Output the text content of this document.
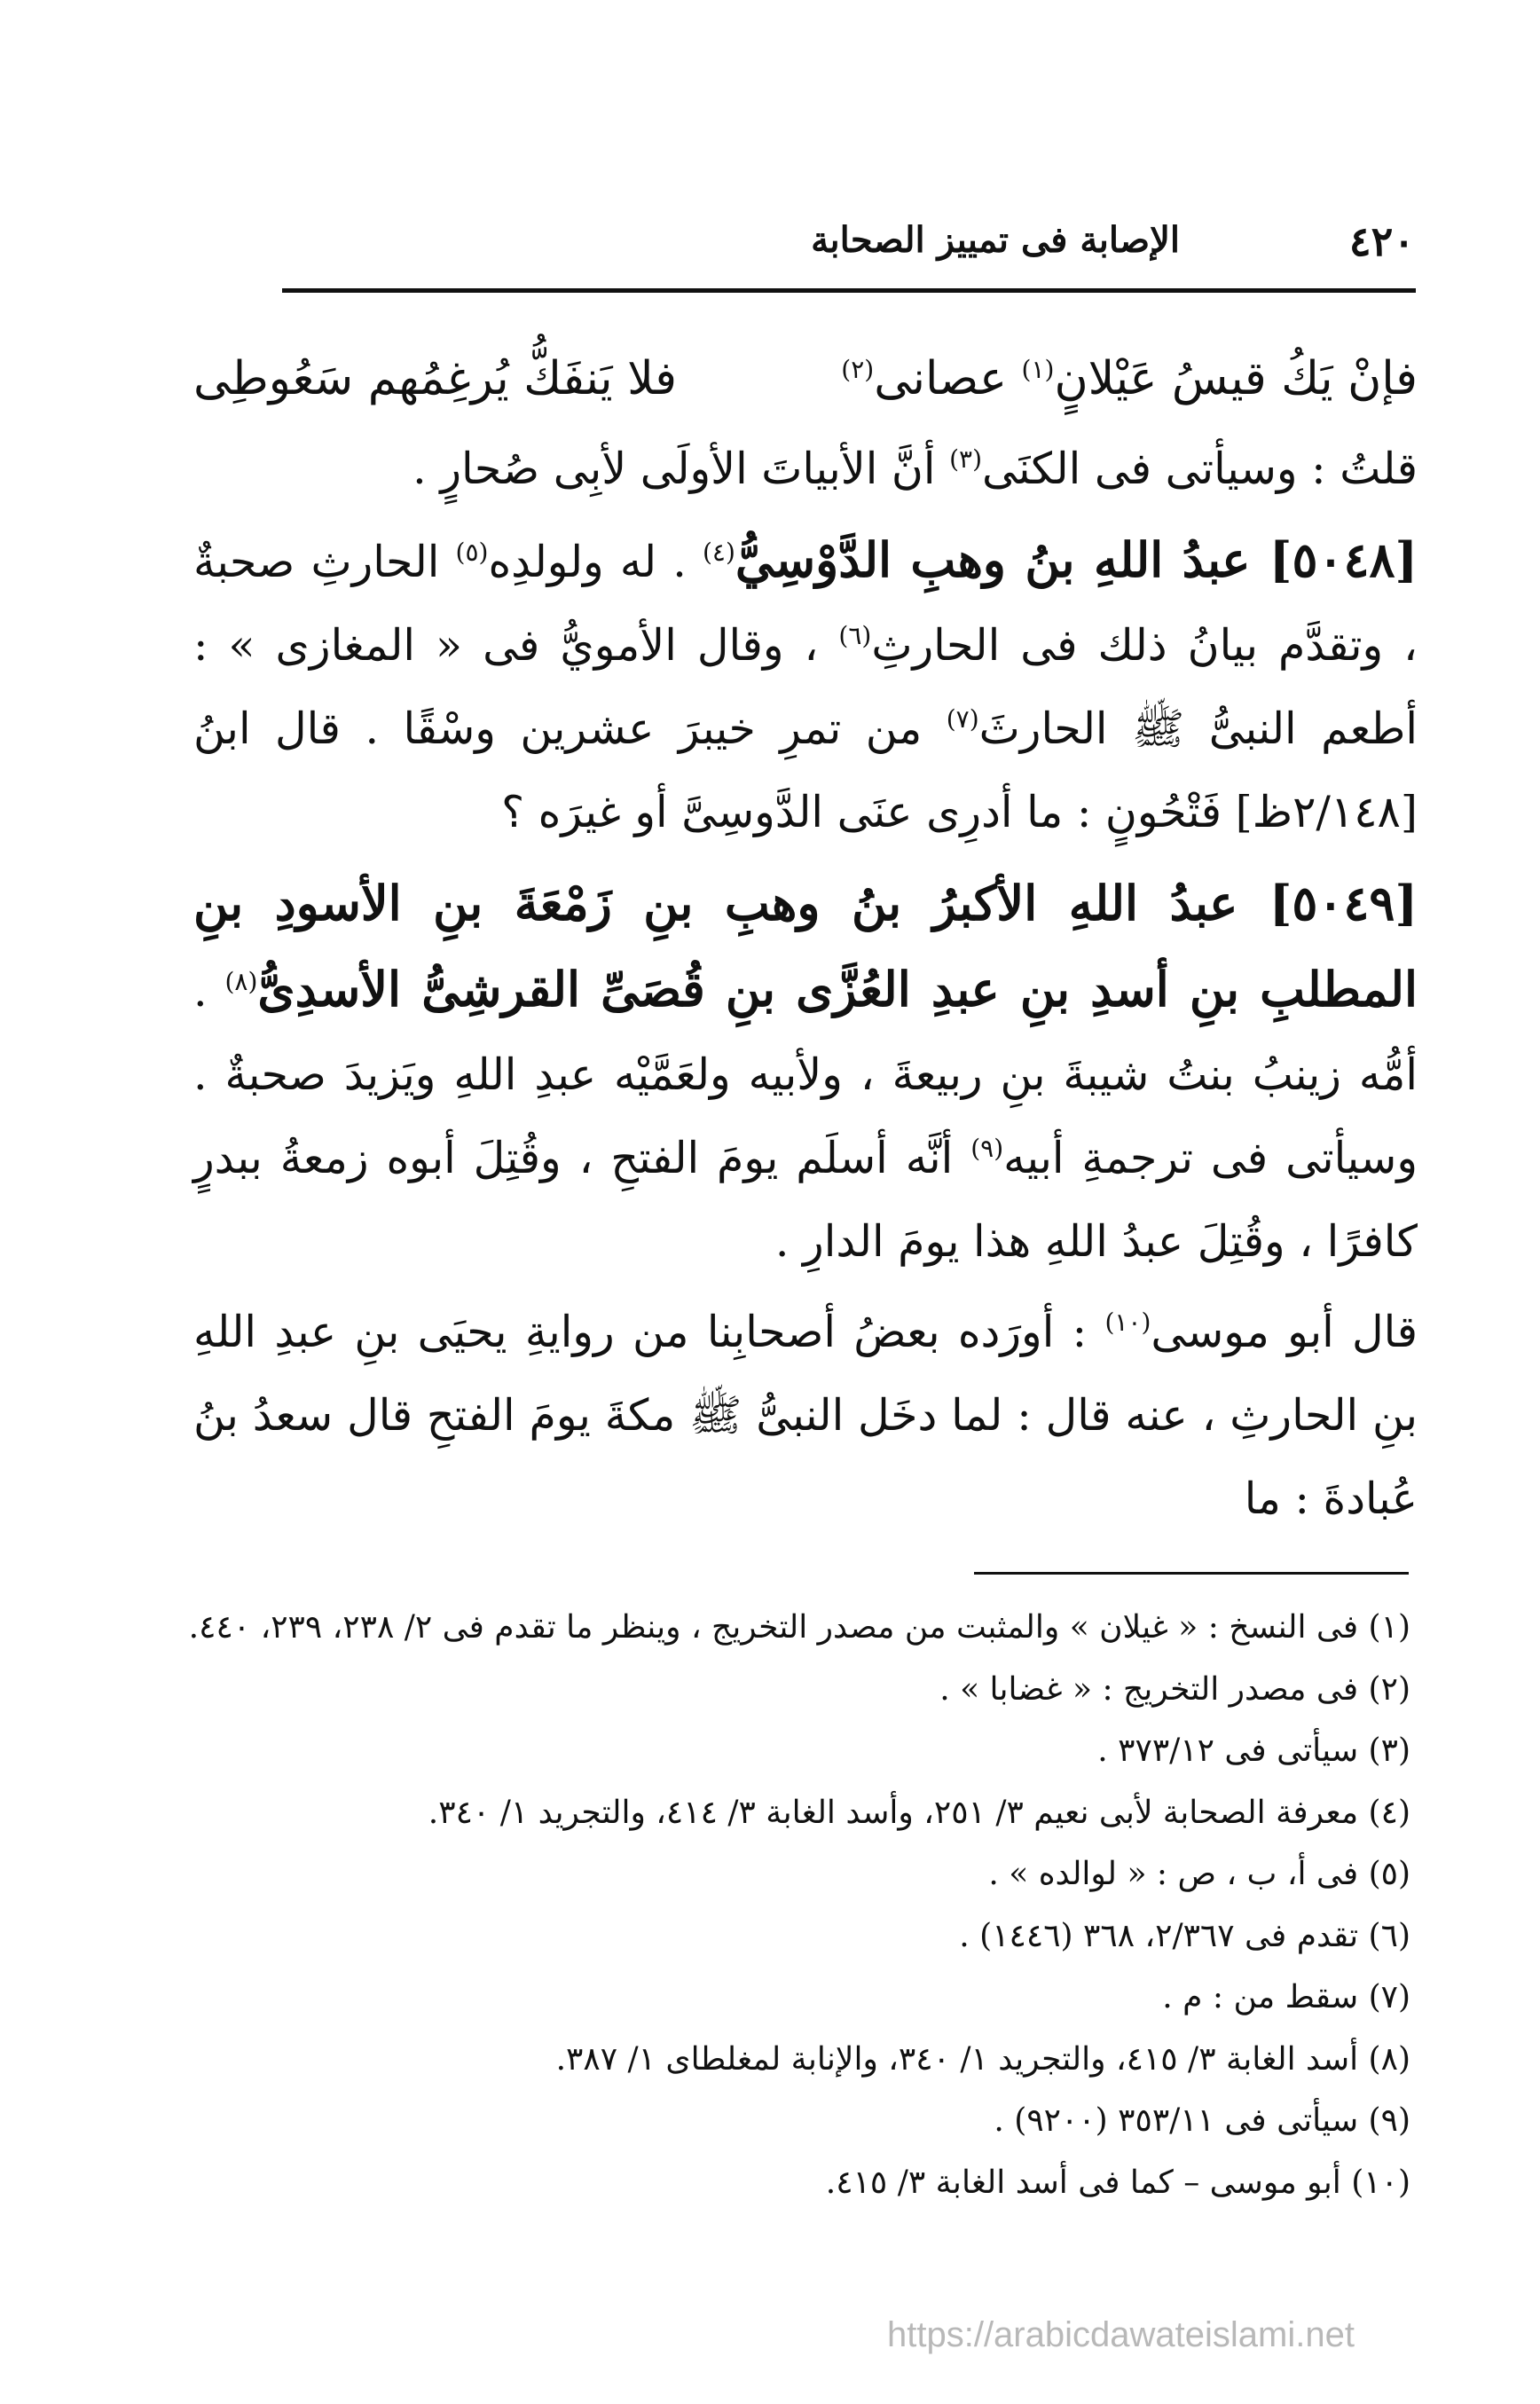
٤٢٠
الإصابة فى تمييز الصحابة
فإنْ يَكُ قيسُ عَيْلانٍ$^{(١)}$ عصانى$^{(٢)}$
فلا يَنفَكُّ يُرغِمُهم سَعُوطِى

قلتُ : وسيأتى فى الكنَى$^{(٣)}$ أنَّ الأبياتَ الأولَى لأبِى صُحارٍ .

[٥٠٤٨] عبدُ اللهِ بنُ وهبِ الدَّوْسِيُّ$^{(٤)}$ . له ولولدِه$^{(٥)}$ الحارثِ صحبةٌ ، وتقدَّم بيانُ ذلك فى الحارثِ$^{(٦)}$ ، وقال الأمويُّ فى « المغازى » : أطعم النبىُّ ﷺ الحارثَ$^{(٧)}$ من تمرِ خيبرَ عشرين وسْقًا . قال ابنُ [٢/١٤٨ظ] فَتْحُونٍ : ما أدرِى عنَى الدَّوسِىَّ أو غيرَه ؟

[٥٠٤٩] عبدُ اللهِ الأكبرُ بنُ وهبِ بنِ زَمْعَةَ بنِ الأسودِ بنِ المطلبِ بنِ أسدِ بنِ عبدِ العُزَّى بنِ قُصَىِّ القرشِىُّ الأسدِىُّ$^{(٨)}$ . أمُّه زينبُ بنتُ شيبةَ بنِ ربيعةَ ، ولأبيه ولعَمَّيْه عبدِ اللهِ ويَزيدَ صحبةٌ . وسيأتى فى ترجمةِ أبيه$^{(٩)}$ أنَّه أسلَم يومَ الفتحِ ، وقُتِلَ أبوه زمعةُ ببدرٍ كافرًا ، وقُتِلَ عبدُ اللهِ هذا يومَ الدارِ .

قال أبو موسى$^{(١٠)}$ : أورَده بعضُ أصحابِنا من روايةِ يحيَى بنِ عبدِ اللهِ بنِ الحارثِ ، عنه قال : لما دخَل النبىُّ ﷺ مكةَ يومَ الفتحِ قال سعدُ بنُ عُبادةَ : ما

(١) فى النسخ : « غيلان » والمثبت من مصدر التخريج ، وينظر ما تقدم فى ٢/ ٢٣٨، ٢٣٩، ٤٤٠.
(٢) فى مصدر التخريج : « غضابا » .
(٣) سيأتى فى ٣٧٣/١٢ .
(٤) معرفة الصحابة لأبى نعيم ٣/ ٢٥١، وأسد الغابة ٣/ ٤١٤، والتجريد ١/ ٣٤٠.
(٥) فى أ، ب ، ص : « لوالده » .
(٦) تقدم فى ٢/٣٦٧، ٣٦٨ (١٤٤٦) .
(٧) سقط من : م .
(٨) أسد الغابة ٣/ ٤١٥، والتجريد ١/ ٣٤٠، والإنابة لمغلطاى ١/ ٣٨٧.
(٩) سيأتى فى ٣٥٣/١١ (٩٢٠٠) .
(١٠) أبو موسى – كما فى أسد الغابة ٣/ ٤١٥.
https://arabicdawateislami.net
